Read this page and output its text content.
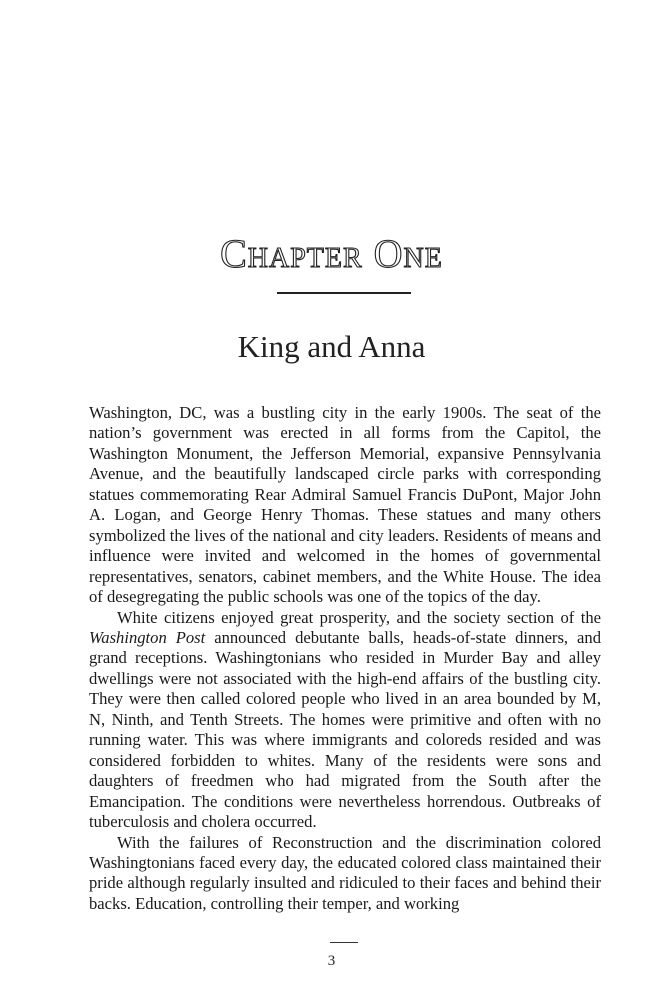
Chapter One
King and Anna

Washington, DC, was a bustling city in the early 1900s. The seat of the nation’s government was erected in all forms from the Capitol, the Washington Monument, the Jefferson Memorial, expansive Pennsylvania Avenue, and the beautifully landscaped circle parks with corresponding statues commemorating Rear Admiral Samuel Francis DuPont, Major John A. Logan, and George Henry Thomas. These statues and many others symbolized the lives of the national and city leaders. Residents of means and influence were invited and welcomed in the homes of governmental representatives, senators, cabinet members, and the White House. The idea of desegregating the public schools was one of the topics of the day.

White citizens enjoyed great prosperity, and the society section of the Washington Post announced debutante balls, heads-of-state dinners, and grand receptions. Washingtonians who resided in Murder Bay and alley dwellings were not associated with the high-end affairs of the bustling city. They were then called colored people who lived in an area bounded by M, N, Ninth, and Tenth Streets. The homes were primitive and often with no running water. This was where immigrants and coloreds resided and was considered forbidden to whites. Many of the residents were sons and daughters of freedmen who had migrated from the South after the Emancipation. The conditions were nevertheless horrendous. Outbreaks of tuberculosis and cholera occurred.

With the failures of Reconstruction and the discrimination colored Washingtonians faced every day, the educated colored class maintained their pride although regularly insulted and ridiculed to their faces and behind their backs. Education, controlling their temper, and working

3
